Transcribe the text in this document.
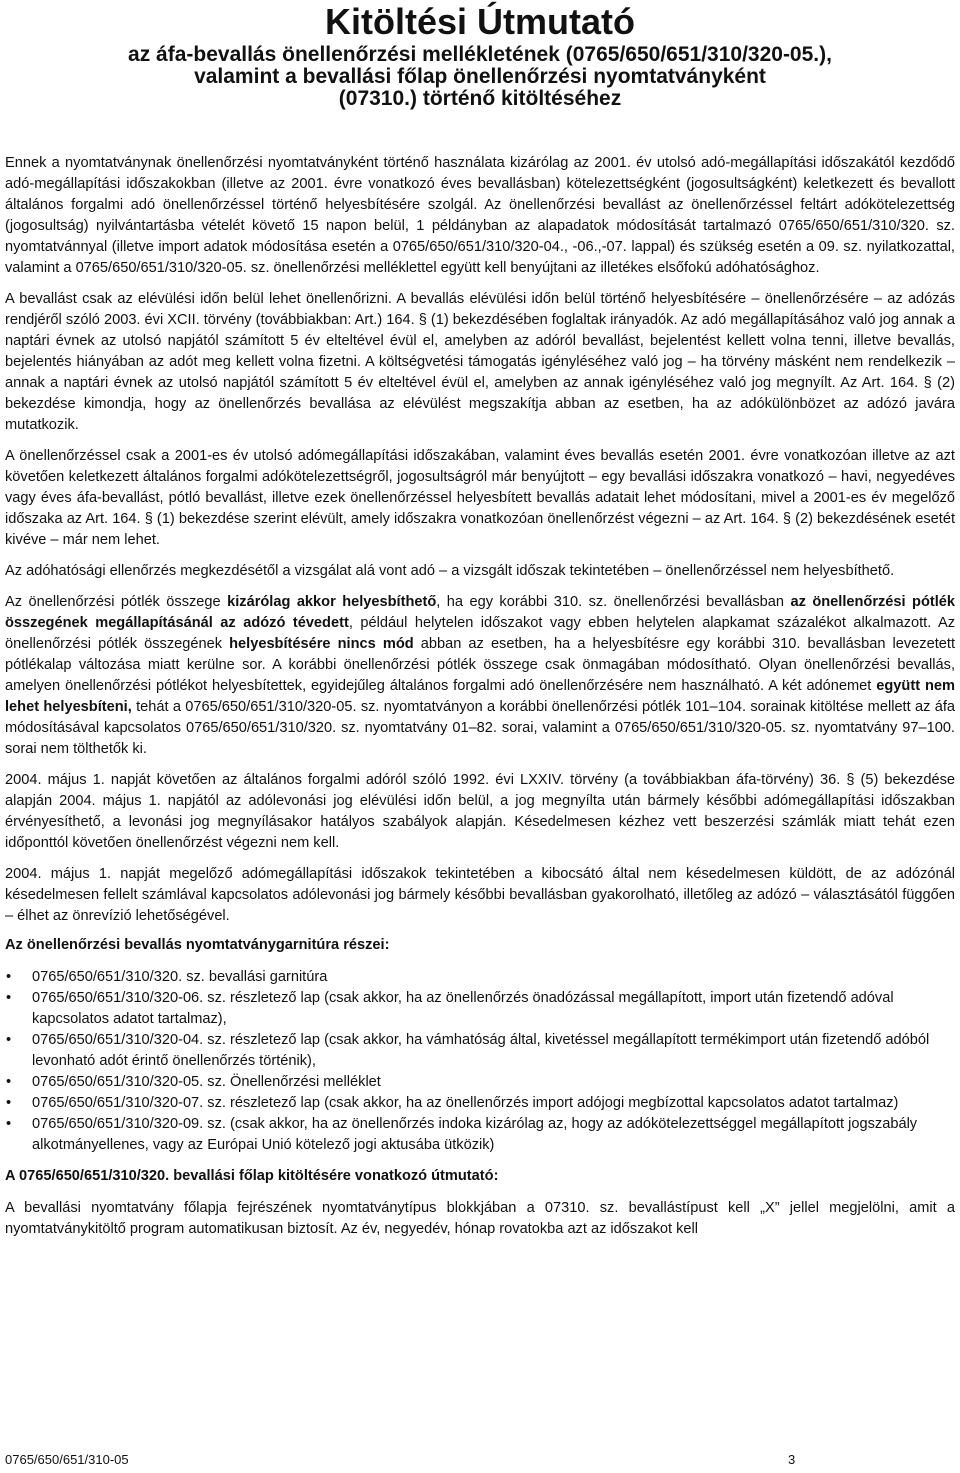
Kitöltési Útmutató
az áfa-bevallás önellenőrzési mellékletének (0765/650/651/310/320-05.),
valamint a bevallási főlap önellenőrzési nyomtatványként
(07310.) történő kitöltéséhez

Ennek a nyomtatványnak önellenőrzési nyomtatványként történő használata kizárólag az 2001. év utolsó adó-megállapítási időszakától kezdődő adó-megállapítási időszakokban (illetve az 2001. évre vonatkozó éves bevallásban) kötelezettségként (jogosultságként) keletkezett és bevallott általános forgalmi adó önellenőrzéssel történő helyesbítésére szolgál. Az önellenőrzési bevallást az önellenőrzéssel feltárt adókötelezettség (jogosultság) nyilvántartásba vételét követő 15 napon belül, 1 példányban az alapadatok módosítását tartalmazó 0765/650/651/310/320. sz. nyomtatvánnyal (illetve import adatok módosítása esetén a 0765/650/651/310/320-04., -06.,-07. lappal) és szükség esetén a 09. sz. nyilatkozattal, valamint a 0765/650/651/310/320-05. sz. önellenőrzési melléklettel együtt kell benyújtani az illetékes elsőfokú adóhatósághoz.

A bevallást csak az elévülési időn belül lehet önellenőrizni. A bevallás elévülési időn belül történő helyesbítésére – önellenőrzésére – az adózás rendjéről szóló 2003. évi XCII. törvény (továbbiakban: Art.) 164. § (1) bekezdésében foglaltak irányadók. Az adó megállapításához való jog annak a naptári évnek az utolsó napjától számított 5 év elteltével évül el, amelyben az adóról bevallást, bejelentést kellett volna tenni, illetve bevallás, bejelentés hiányában az adót meg kellett volna fizetni. A költségvetési támogatás igényléséhez való jog – ha törvény másként nem rendelkezik – annak a naptári évnek az utolsó napjától számított 5 év elteltével évül el, amelyben az annak igényléséhez való jog megnyílt. Az Art. 164. § (2) bekezdése kimondja, hogy az önellenőrzés bevallása az elévülést megszakítja abban az esetben, ha az adókülönbözet az adózó javára mutatkozik.

A önellenőrzéssel csak a 2001-es év utolsó adómegállapítási időszakában, valamint éves bevallás esetén 2001. évre vonatkozóan illetve az azt követően keletkezett általános forgalmi adókötelezettségről, jogosultságról már benyújtott – egy bevallási időszakra vonatkozó – havi, negyedéves vagy éves áfa-bevallást, pótló bevallást, illetve ezek önellenőrzéssel helyesbített bevallás adatait lehet módosítani, mivel a 2001-es év megelőző időszaka az Art. 164. § (1) bekezdése szerint elévült, amely időszakra vonatkozóan önellenőrzést végezni – az Art. 164. § (2) bekezdésének esetét kivéve – már nem lehet.

Az adóhatósági ellenőrzés megkezdésétől a vizsgálat alá vont adó – a vizsgált időszak tekintetében – önellenőrzéssel nem helyesbíthető.

Az önellenőrzési pótlék összege kizárólag akkor helyesbíthető, ha egy korábbi 310. sz. önellenőrzési bevallásban az önellenőrzési pótlék összegének megállapításánál az adózó tévedett, például helytelen időszakot vagy ebben helytelen alapkamat százalékot alkalmazott. Az önellenőrzési pótlék összegének helyesbítésére nincs mód abban az esetben, ha a helyesbítésre egy korábbi 310. bevallásban levezetett pótlékalap változása miatt kerülne sor. A korábbi önellenőrzési pótlék összege csak önmagában módosítható. Olyan önellenőrzési bevallás, amelyen önellenőrzési pótlékot helyesbítettek, egyidejűleg általános forgalmi adó önellenőrzésére nem használható. A két adónemet együtt nem lehet helyesbíteni, tehát a 0765/650/651/310/320-05. sz. nyomtatványon a korábbi önellenőrzési pótlék 101–104. sorainak kitöltése mellett az áfa módosításával kapcsolatos 0765/650/651/310/320. sz. nyomtatvány 01–82. sorai, valamint a 0765/650/651/310/320-05. sz. nyomtatvány 97–100. sorai nem tölthetők ki.

2004. május 1. napját követően az általános forgalmi adóról szóló 1992. évi LXXIV. törvény (a továbbiakban áfa-törvény) 36. § (5) bekezdése alapján 2004. május 1. napjától az adólevonási jog elévülési időn belül, a jog megnyílta után bármely későbbi adómegállapítási időszakban érvényesíthető, a levonási jog megnyílásakor hatályos szabályok alapján. Késedelmesen kézhez vett beszerzési számlák miatt tehát ezen időponttól követően önellenőrzést végezni nem kell.

2004. május 1. napját megelőző adómegállapítási időszakok tekintetében a kibocsátó által nem késedelmesen küldött, de az adózónál késedelmesen fellelt számlával kapcsolatos adólevonási jog bármely későbbi bevallásban gyakorolható, illetőleg az adózó – választásától függően – élhet az önrevízió lehetőségével.

Az önellenőrzési bevallás nyomtatványgarnitúra részei:
• 0765/650/651/310/320. sz. bevallási garnitúra
• 0765/650/651/310/320-06. sz. részletező lap (csak akkor, ha az önellenőrzés önadózással megállapított, import után fizetendő adóval kapcsolatos adatot tartalmaz),
• 0765/650/651/310/320-04. sz. részletező lap (csak akkor, ha vámhatóság által, kivetéssel megállapított termékimport után fizetendő adóból levonható adót érintő önellenőrzés történik),
• 0765/650/651/310/320-05. sz. Önellenőrzési melléklet
• 0765/650/651/310/320-07. sz. részletező lap (csak akkor, ha az önellenőrzés import adójogi megbízottal kapcsolatos adatot tartalmaz)
• 0765/650/651/310/320-09. sz. (csak akkor, ha az önellenőrzés indoka kizárólag az, hogy az adókötelezettséggel megállapított jogszabály alkotmányellenes, vagy az Európai Unió kötelező jogi aktusába ütközik)
A 0765/650/651/310/320. bevallási főlap kitöltésére vonatkozó útmutató:

A bevallási nyomtatvány főlapja fejrészének nyomtatványtípus blokkjában a 07310. sz. bevallástípust kell „X” jellel megjelölni, amit a nyomtatványkitöltő program automatikusan biztosít. Az év, negyedév, hónap rovatokba azt az időszakot kell

0765/650/651/310-05	3
